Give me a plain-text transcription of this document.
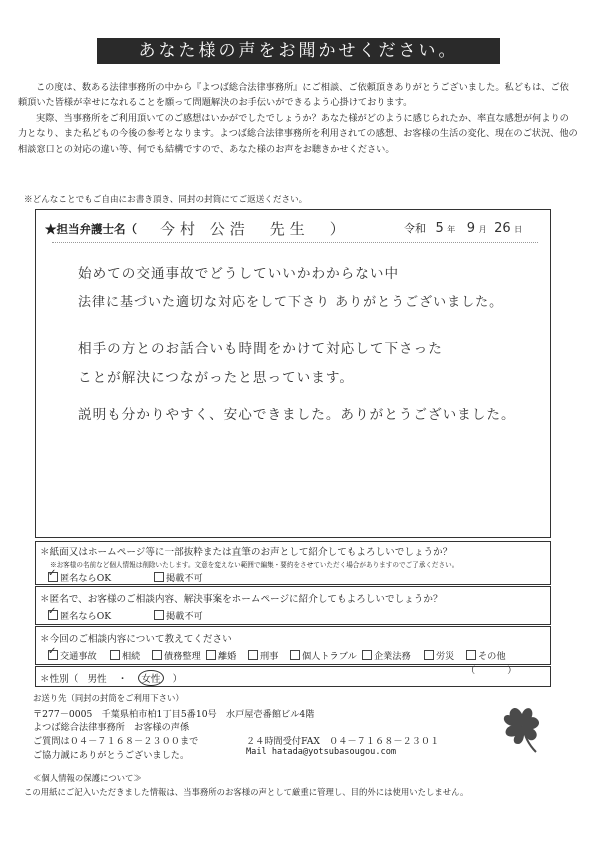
あなた様の声をお聞かせください。

この度は、数ある法律事務所の中から『よつば総合法律事務所』にご相談、ご依頼頂きありがとうございました。私どもは、ご依頼頂いた皆様が幸せになれることを願って問題解決のお手伝いができるよう心掛けております。

実際、当事務所をご利用頂いてのご感想はいかがでしたでしょうか？あなた様がどのように感じられたか、率直な感想が何よりの力となり、また私どもの今後の参考となります。よつば総合法律事務所を利用されての感想、お客様の生活の変化、現在のご状況、他の相談窓口との対応の違い等、何でも結構ですので、あなた様のお声をお聴きかせください。

※どんなことでもご自由にお書き頂き、同封の封筒にてご返送ください。
★担当弁護士名（ 今村 公浩　先生　）	令和 5 年 9 月 26 日
始めての交通事故でどうしていいかわからない中
法律に基づいた適切な対応をして下さり ありがとうございました。
相手の方とのお話合いも時間をかけて対応して下さった
ことが解決につながったと思っています。
説明も分かりやすく、安心できました。ありがとうございました。
＊紙面又はホームページ等に一部抜粋または直筆のお声として紹介してもよろしいでしょうか？
※お客様の名前など個人情報は削除いたします。文意を変えない範囲で編集・要約をさせていただく場合がありますのでご了承ください。
✓匿名ならOK	掲載不可
＊匿名で、お客様のご相談内容、解決事案をホームページに紹介してもよろしいでしょうか？
✓匿名ならOK	掲載不可
＊今回のご相談内容について教えてください
✓交通事故	相続	債務整理	離婚	刑事	個人トラブル	企業法務	労災	その他（	）
＊性別（ 男性 ・ 女性 ）
お送り先（同封の封筒をご利用下さい）
〒277－0005　千葉県柏市柏1丁目5番10号　水戸屋壱番館ビル4階
よつば総合法律事務所　お客様の声係
ご質問は０４－７１６８－２３００まで	２４時間受付FAX　０４－７１６８－２３０１
ご協力誠にありがとうございました。	Mail hatada@yotsubasougou.com
≪個人情報の保護について≫
この用紙にご記入いただきました情報は、当事務所のお客様の声として厳重に管理し、目的外には使用いたしません。
